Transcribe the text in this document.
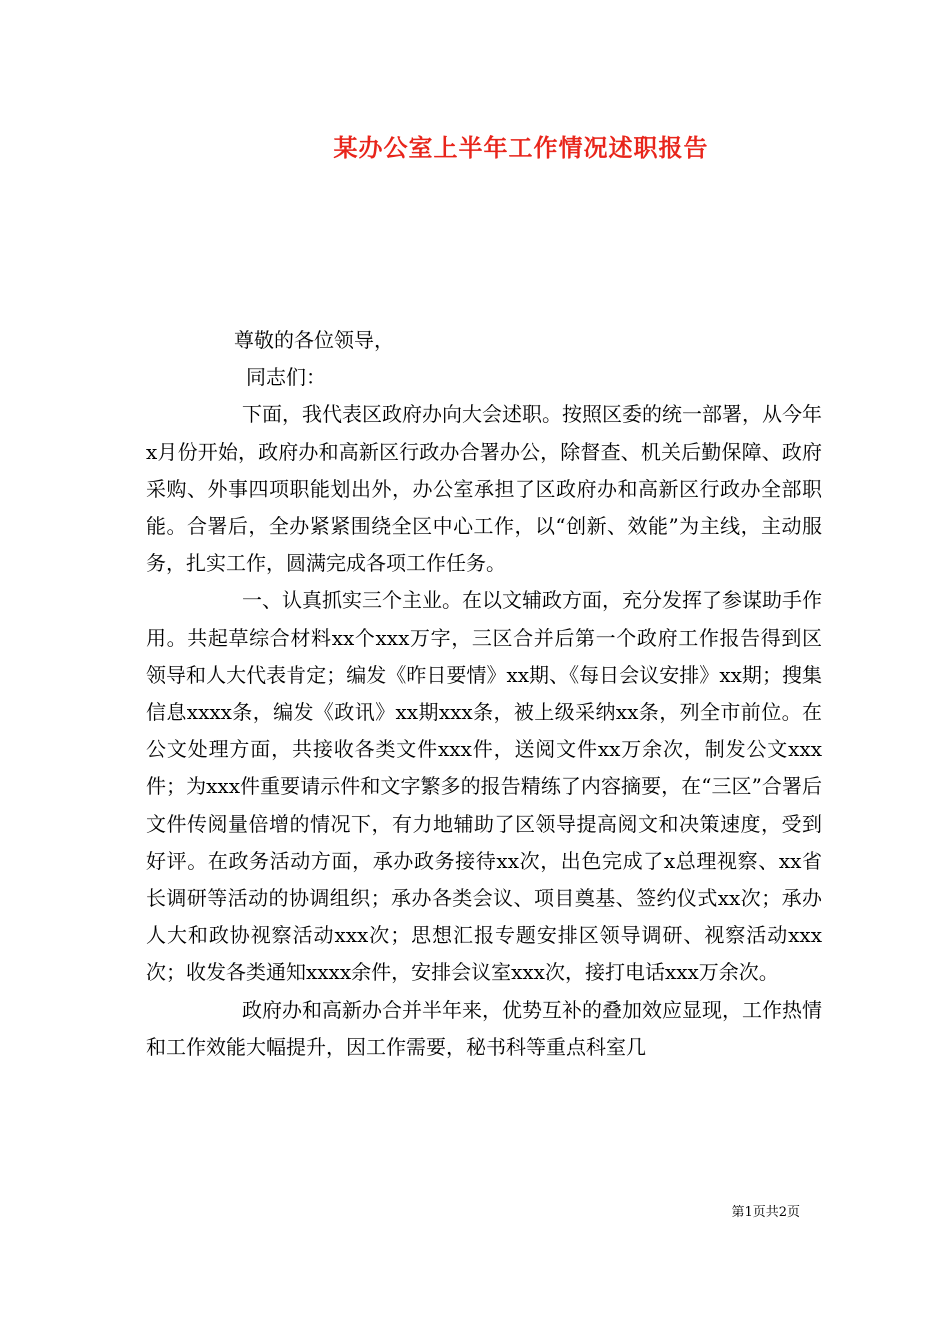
某办公室上半年工作情况述职报告

尊敬的各位领导，

同志们：

下面，我代表区政府办向大会述职。按照区委的统一部署，从今年x月份开始，政府办和高新区行政办合署办公，除督查、机关后勤保障、政府采购、外事四项职能划出外，办公室承担了区政府办和高新区行政办全部职能。合署后，全办紧紧围绕全区中心工作，以“创新、效能”为主线，主动服务，扎实工作，圆满完成各项工作任务。

一、认真抓实三个主业。在以文辅政方面，充分发挥了参谋助手作用。共起草综合材料xx个xxx万字，三区合并后第一个政府工作报告得到区领导和人大代表肯定；编发《昨日要情》xx期、《每日会议安排》xx期；搜集信息xxxx条，编发《政讯》xx期xxx条，被上级采纳xx条，列全市前位。在公文处理方面，共接收各类文件xxx件，送阅文件xx万余次，制发公文xxx件；为xxx件重要请示件和文字繁多的报告精练了内容摘要，在“三区”合署后文件传阅量倍增的情况下，有力地辅助了区领导提高阅文和决策速度，受到好评。在政务活动方面，承办政务接待xx次，出色完成了x总理视察、xx省长调研等活动的协调组织；承办各类会议、项目奠基、签约仪式xx次；承办人大和政协视察活动xxx次；思想汇报专题安排区领导调研、视察活动xxx次；收发各类通知xxxx余件，安排会议室xxx次，接打电话xxx万余次。

政府办和高新办合并半年来，优势互补的叠加效应显现，工作热情和工作效能大幅提升，因工作需要，秘书科等重点科室几

第1页共2页
